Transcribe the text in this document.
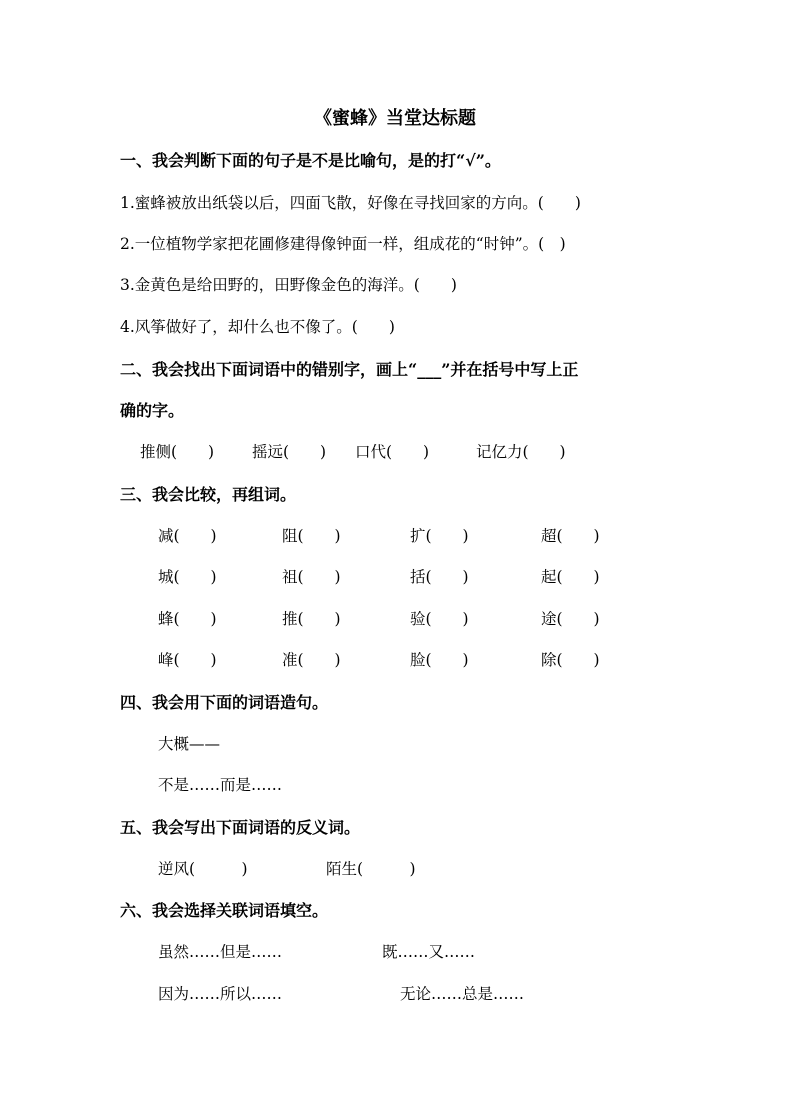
《蜜蜂》当堂达标题
一、我会判断下面的句子是不是比喻句，是的打“√”。
1.蜜蜂被放出纸袋以后，四面飞散，好像在寻找回家的方向。(　　)
2.一位植物学家把花圃修建得像钟面一样，组成花的“时钟”。(　)
3.金黄色是给田野的，田野像金色的海洋。(　　)
4.风筝做好了，却什么也不像了。(　　)
二、我会找出下面词语中的错别字，画上“___”并在括号中写上正
确的字。
推侧(　　) 摇远(　　) 口代(　　)	记亿力(　　)
三、我会比较，再组词。
减(　　)	阻(　　)	扩(　　)	超(　　)
城(　　)	祖(　　)	括(　　)	起(　　)
蜂(　　)	推(　　)	验(　　)	途(　　)
峰(　　)	准(　　)	脸(　　)	除(　　)
四、我会用下面的词语造句。
大概——
不是……而是……
五、我会写出下面词语的反义词。
逆风(　　　)	陌生(　　　)
六、我会选择关联词语填空。
虽然……但是……	既……又……
因为……所以……	无论……总是……
